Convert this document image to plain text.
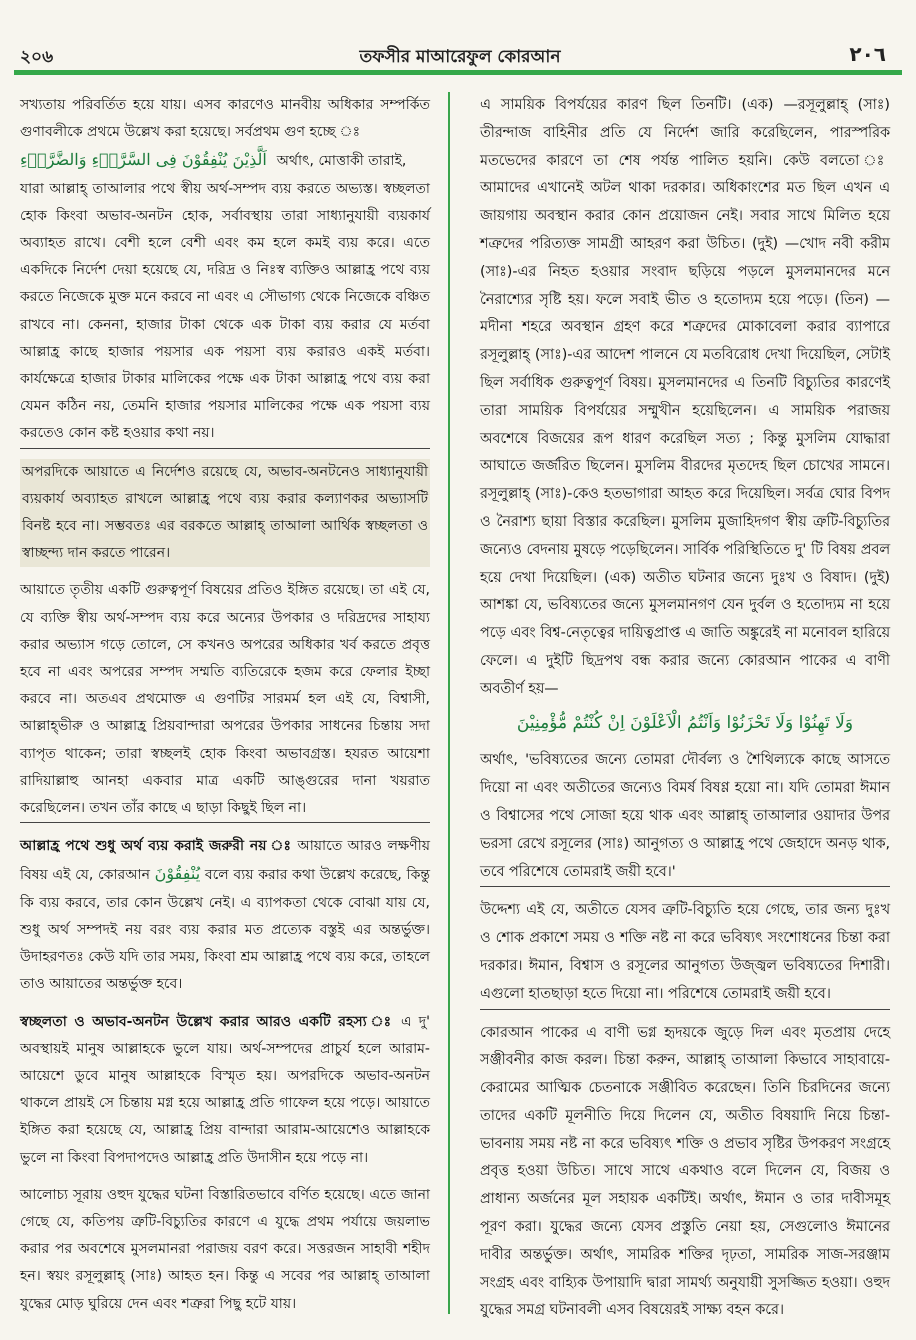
২০৬	তফসীর মাআরেফুল কোরআন	٢٠٦

সখ্যতায় পরিবর্তিত হয়ে যায়। এসব কারণেও মানবীয় অধিকার সম্পর্কিত গুণাবলীকে প্রথমে উল্লেখ করা হয়েছে। সর্বপ্রথম গুণ হচ্ছে ঃ

اَلَّذِيْنَ يُنْفِقُوْنَ فِى السَّرَّاۤءِ وَالضَّرَّاۤءِ অর্থাৎ, মোত্তাকী তারাই,

যারা আল্লাহ্ তাআলার পথে স্বীয় অর্থ-সম্পদ ব্যয় করতে অভ্যস্ত। স্বচ্ছলতা হোক কিংবা অভাব-অনটন হোক, সর্বাবস্থায় তারা সাধ্যানুযায়ী ব্যয়কার্য অব্যাহত রাখে। বেশী হলে বেশী এবং কম হলে কমই ব্যয় করে। এতে একদিকে নির্দেশ দেয়া হয়েছে যে, দরিদ্র ও নিঃস্ব ব্যক্তিও আল্লাহ্র পথে ব্যয় করতে নিজেকে মুক্ত মনে করবে না এবং এ সৌভাগ্য থেকে নিজেকে বঞ্চিত রাখবে না। কেননা, হাজার টাকা থেকে এক টাকা ব্যয় করার যে মর্তবা আল্লাহ্র কাছে হাজার পয়সার এক পয়সা ব্যয় করারও একই মর্তবা। কার্যক্ষেত্রে হাজার টাকার মালিকের পক্ষে এক টাকা আল্লাহ্র পথে ব্যয় করা যেমন কঠিন নয়, তেমনি হাজার পয়সার মালিকের পক্ষে এক পয়সা ব্যয় করতেও কোন কষ্ট হওয়ার কথা নয়।

অপরদিকে আয়াতে এ নির্দেশও রয়েছে যে, অভাব-অনটনেও সাধ্যানুযায়ী ব্যয়কার্য অব্যাহত রাখলে আল্লাহ্র পথে ব্যয় করার কল্যাণকর অভ্যাসটি বিনষ্ট হবে না। সম্ভবতঃ এর বরকতে আল্লাহ্ তাআলা আর্থিক স্বচ্ছলতা ও স্বাচ্ছন্দ্য দান করতে পারেন।

আয়াতে তৃতীয় একটি গুরুত্বপূর্ণ বিষয়ের প্রতিও ইঙ্গিত রয়েছে। তা এই যে, যে ব্যক্তি স্বীয় অর্থ-সম্পদ ব্যয় করে অন্যের উপকার ও দরিদ্রদের সাহায্য করার অভ্যাস গড়ে তোলে, সে কখনও অপরের অধিকার খর্ব করতে প্রবৃত্ত হবে না এবং অপরের সম্পদ সম্মতি ব্যতিরেকে হজম করে ফেলার ইচ্ছা করবে না। অতএব প্রথমোক্ত এ গুণটির সারমর্ম হল এই যে, বিশ্বাসী, আল্লাহ্ভীরু ও আল্লাহ্র প্রিয়বান্দারা অপরের উপকার সাধনের চিন্তায় সদা ব্যাপৃত থাকেন; তারা স্বচ্ছলই হোক কিংবা অভাবগ্রস্ত। হযরত আয়েশা রাদিয়াল্লাহু আনহা একবার মাত্র একটি আঙ্গুরের দানা খয়রাত করেছিলেন। তখন তাঁর কাছে এ ছাড়া কিছুই ছিল না।

আল্লাহ্র পথে শুধু অর্থ ব্যয় করাই জরুরী নয় ঃ আয়াতে আরও লক্ষণীয় বিষয় এই যে, কোরআন يُنْفِقُوْنَ বলে ব্যয় করার কথা উল্লেখ করেছে, কিন্তু কি ব্যয় করবে, তার কোন উল্লেখ নেই। এ ব্যাপকতা থেকে বোঝা যায় যে, শুধু অর্থ সম্পদই নয় বরং ব্যয় করার মত প্রত্যেক বস্তুই এর অন্তর্ভুক্ত। উদাহরণতঃ কেউ যদি তার সময়, কিংবা শ্রম আল্লাহ্র পথে ব্যয় করে, তাহলে তাও আয়াতের অন্তর্ভুক্ত হবে।

স্বচ্ছলতা ও অভাব-অনটন উল্লেখ করার আরও একটি রহস্য ঃ এ দু' অবস্থায়ই মানুষ আল্লাহকে ভুলে যায়। অর্থ-সম্পদের প্রাচুর্য হলে আরাম-আয়েশে ডুবে মানুষ আল্লাহকে বিস্মৃত হয়। অপরদিকে অভাব-অনটন থাকলে প্রায়ই সে চিন্তায় মগ্ন হয়ে আল্লাহ্র প্রতি গাফেল হয়ে পড়ে। আয়াতে ইঙ্গিত করা হয়েছে যে, আল্লাহ্র প্রিয় বান্দারা আরাম-আয়েশেও আল্লাহকে ভুলে না কিংবা বিপদাপদেও আল্লাহ্র প্রতি উদাসীন হয়ে পড়ে না।

আলোচ্য সূরায় ওহুদ যুদ্ধের ঘটনা বিস্তারিতভাবে বর্ণিত হয়েছে। এতে জানা গেছে যে, কতিপয় ত্রুটি-বিচ্যুতির কারণে এ যুদ্ধে প্রথম পর্যায়ে জয়লাভ করার পর অবশেষে মুসলমানরা পরাজয় বরণ করে। সত্তরজন সাহাবী শহীদ হন। স্বয়ং রসূলুল্লাহ্ (সাঃ) আহত হন। কিন্তু এ সবের পর আল্লাহ্ তাআলা যুদ্ধের মোড় ঘুরিয়ে দেন এবং শত্রুরা পিছু হটে যায়।

এ সাময়িক বিপর্যয়ের কারণ ছিল তিনটি। (এক) —রসূলুল্লাহ্ (সাঃ) তীরন্দাজ বাহিনীর প্রতি যে নির্দেশ জারি করেছিলেন, পারস্পরিক মতভেদের কারণে তা শেষ পর্যন্ত পালিত হয়নি। কেউ বলতো ঃ আমাদের এখানেই অটল থাকা দরকার। অধিকাংশের মত ছিল এখন এ জায়গায় অবস্থান করার কোন প্রয়োজন নেই। সবার সাথে মিলিত হয়ে শত্রুদের পরিত্যক্ত সামগ্রী আহরণ করা উচিত। (দুই) —খোদ নবী করীম (সাঃ)-এর নিহত হওয়ার সংবাদ ছড়িয়ে পড়লে মুসলমানদের মনে নৈরাশ্যের সৃষ্টি হয়। ফলে সবাই ভীত ও হতোদ্যম হয়ে পড়ে। (তিন) —মদীনা শহরে অবস্থান গ্রহণ করে শত্রুদের মোকাবেলা করার ব্যাপারে রসূলুল্লাহ্ (সাঃ)-এর আদেশ পালনে যে মতবিরোধ দেখা দিয়েছিল, সেটাই ছিল সর্বাধিক গুরুত্বপূর্ণ বিষয়। মুসলমানদের এ তিনটি বিচ্যুতির কারণেই তারা সাময়িক বিপর্যয়ের সম্মুখীন হয়েছিলেন। এ সাময়িক পরাজয় অবশেষে বিজয়ের রূপ ধারণ করেছিল সত্য ; কিন্তু মুসলিম যোদ্ধারা আঘাতে জর্জরিত ছিলেন। মুসলিম বীরদের মৃতদেহ ছিল চোখের সামনে। রসূলুল্লাহ্ (সাঃ)-কেও হতভাগারা আহত করে দিয়েছিল। সর্বত্র ঘোর বিপদ ও নৈরাশ্য ছায়া বিস্তার করেছিল। মুসলিম মুজাহিদগণ স্বীয় ত্রুটি-বিচ্যুতির জন্যেও বেদনায় মুষড়ে পড়েছিলেন। সার্বিক পরিস্থিতিতে দু' টি বিষয় প্রবল হয়ে দেখা দিয়েছিল। (এক) অতীত ঘটনার জন্যে দুঃখ ও বিষাদ। (দুই) আশঙ্কা যে, ভবিষ্যতের জন্যে মুসলমানগণ যেন দুর্বল ও হতোদ্যম না হয়ে পড়ে এবং বিশ্ব-নেতৃত্বের দায়িত্বপ্রাপ্ত এ জাতি অঙ্কুরেই না মনোবল হারিয়ে ফেলে। এ দুইটি ছিদ্রপথ বন্ধ করার জন্যে কোরআন পাকের এ বাণী অবতীর্ণ হয়—

وَلَا تَهِنُوْا وَلَا تَحْزَنُوْا وَاَنْتُمُ الْاَعْلَوْنَ اِنْ كُنْتُمْ مُّؤْمِنِيْنَ

অর্থাৎ, 'ভবিষ্যতের জন্যে তোমরা দৌর্বল্য ও শৈথিল্যকে কাছে আসতে দিয়ো না এবং অতীতের জন্যেও বিমর্ষ বিষণ্ণ হয়ো না। যদি তোমরা ঈমান ও বিশ্বাসের পথে সোজা হয়ে থাক এবং আল্লাহ্ তাআলার ওয়াদার উপর ভরসা রেখে রসূলের (সাঃ) আনুগত্য ও আল্লাহ্র পথে জেহাদে অনড় থাক, তবে পরিশেষে তোমরাই জয়ী হবে।'

উদ্দেশ্য এই যে, অতীতে যেসব ত্রুটি-বিচ্যুতি হয়ে গেছে, তার জন্য দুঃখ ও শোক প্রকাশে সময় ও শক্তি নষ্ট না করে ভবিষ্যৎ সংশোধনের চিন্তা করা দরকার। ঈমান, বিশ্বাস ও রসূলের আনুগত্য উজ্জ্বল ভবিষ্যতের দিশারী। এগুলো হাতছাড়া হতে দিয়ো না। পরিশেষে তোমরাই জয়ী হবে।

কোরআন পাকের এ বাণী ভগ্ন হৃদয়কে জুড়ে দিল এবং মৃতপ্রায় দেহে সঞ্জীবনীর কাজ করল। চিন্তা করুন, আল্লাহ্ তাআলা কিভাবে সাহাবায়ে-কেরামের আত্মিক চেতনাকে সঞ্জীবিত করেছেন। তিনি চিরদিনের জন্যে তাদের একটি মূলনীতি দিয়ে দিলেন যে, অতীত বিষয়াদি নিয়ে চিন্তা-ভাবনায় সময় নষ্ট না করে ভবিষ্যৎ শক্তি ও প্রভাব সৃষ্টির উপকরণ সংগ্রহে প্রবৃত্ত হওয়া উচিত। সাথে সাথে একথাও বলে দিলেন যে, বিজয় ও প্রাধান্য অর্জনের মূল সহায়ক একটিই। অর্থাৎ, ঈমান ও তার দাবীসমূহ পূরণ করা। যুদ্ধের জন্যে যেসব প্রস্তুতি নেয়া হয়, সেগুলোও ঈমানের দাবীর অন্তর্ভুক্ত। অর্থাৎ, সামরিক শক্তির দৃঢ়তা, সামরিক সাজ-সরঞ্জাম সংগ্রহ এবং বাহ্যিক উপায়াদি দ্বারা সামর্থ্য অনুযায়ী সুসজ্জিত হওয়া। ওহুদ যুদ্ধের সমগ্র ঘটনাবলী এসব বিষয়েরই সাক্ষ্য বহন করে।
